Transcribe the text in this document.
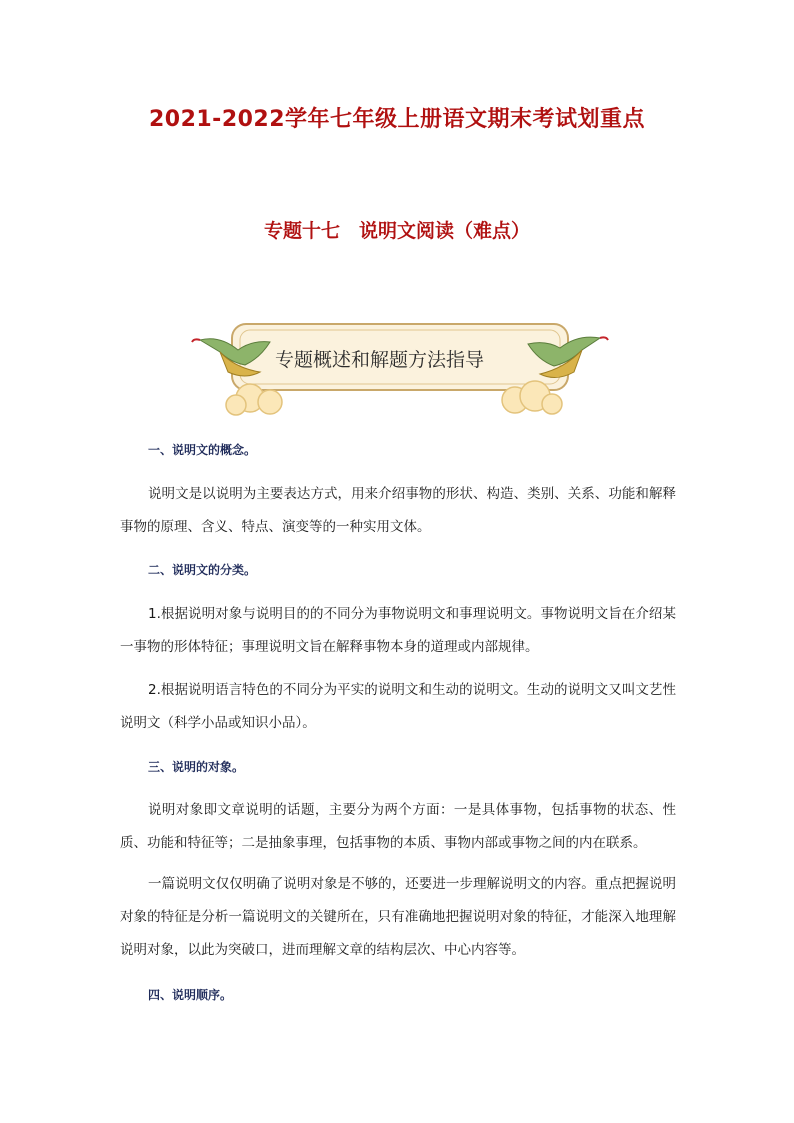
2021-2022学年七年级上册语文期末考试划重点
专题十七　说明文阅读（难点）
专题概述和解题方法指导
一、说明文的概念。
说明文是以说明为主要表达方式，用来介绍事物的形状、构造、类别、关系、功能和解释事物的原理、含义、特点、演变等的一种实用文体。
二、说明文的分类。
1.根据说明对象与说明目的的不同分为事物说明文和事理说明文。事物说明文旨在介绍某一事物的形体特征；事理说明文旨在解释事物本身的道理或内部规律。
2.根据说明语言特色的不同分为平实的说明文和生动的说明文。生动的说明文又叫文艺性说明文（科学小品或知识小品）。
三、说明的对象。
说明对象即文章说明的话题，主要分为两个方面：一是具体事物，包括事物的状态、性质、功能和特征等；二是抽象事理，包括事物的本质、事物内部或事物之间的内在联系。
一篇说明文仅仅明确了说明对象是不够的，还要进一步理解说明文的内容。重点把握说明对象的特征是分析一篇说明文的关键所在，只有准确地把握说明对象的特征，才能深入地理解说明对象，以此为突破口，进而理解文章的结构层次、中心内容等。
四、说明顺序。
